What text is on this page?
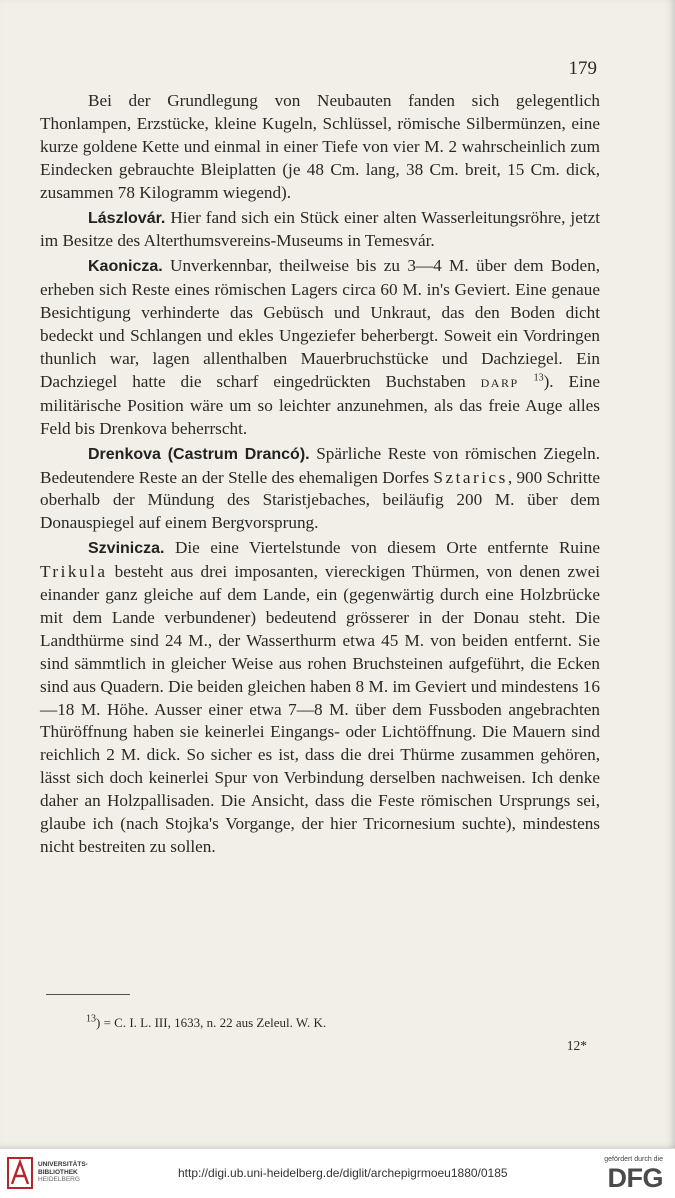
179

Bei der Grundlegung von Neubauten fanden sich gelegentlich Thonlampen, Erzstücke, kleine Kugeln, Schlüssel, römische Silbermünzen, eine kurze goldene Kette und einmal in einer Tiefe von vier M. 2 wahrscheinlich zum Eindecken gebrauchte Bleiplatten (je 48 Cm. lang, 38 Cm. breit, 15 Cm. dick, zusammen 78 Kilogramm wiegend).

Lászlovár. Hier fand sich ein Stück einer alten Wasserleitungsröhre, jetzt im Besitze des Alterthumsvereins-Museums in Temesvár.

Kaonicza. Unverkennbar, theilweise bis zu 3—4 M. über dem Boden, erheben sich Reste eines römischen Lagers circa 60 M. in's Geviert. Eine genaue Besichtigung verhinderte das Gebüsch und Unkraut, das den Boden dicht bedeckt und Schlangen und ekles Ungeziefer beherbergt. Soweit ein Vordringen thunlich war, lagen allenthalben Mauerbruchstücke und Dachziegel. Ein Dachziegel hatte die scharf eingedrückten Buchstaben DARP $^{13}$). Eine militärische Position wäre um so leichter anzunehmen, als das freie Auge alles Feld bis Drenkova beherrscht.

Drenkova (Castrum Drancó). Spärliche Reste von römischen Ziegeln. Bedeutendere Reste an der Stelle des ehemaligen Dorfes Sztarics, 900 Schritte oberhalb der Mündung des Staristjebaches, beiläufig 200 M. über dem Donauspiegel auf einem Bergvorsprung.

Szvinicza. Die eine Viertelstunde von diesem Orte entfernte Ruine Trikula besteht aus drei imposanten, viereckigen Thürmen, von denen zwei einander ganz gleiche auf dem Lande, ein (gegenwärtig durch eine Holzbrücke mit dem Lande verbundener) bedeutend grösserer in der Donau steht. Die Landthürme sind 24 M., der Wasserthurm etwa 45 M. von beiden entfernt. Sie sind sämmtlich in gleicher Weise aus rohen Bruchsteinen aufgeführt, die Ecken sind aus Quadern. Die beiden gleichen haben 8 M. im Geviert und mindestens 16—18 M. Höhe. Ausser einer etwa 7—8 M. über dem Fussboden angebrachten Thüröffnung haben sie keinerlei Eingangs- oder Lichtöffnung. Die Mauern sind reichlich 2 M. dick. So sicher es ist, dass die drei Thürme zusammen gehören, lässt sich doch keinerlei Spur von Verbindung derselben nachweisen. Ich denke daher an Holzpallisaden. Die Ansicht, dass die Feste römischen Ursprungs sei, glaube ich (nach Stojka's Vorgange, der hier Tricornesium suchte), mindestens nicht bestreiten zu sollen.

$^{13}$) = C. I. L. III, 1633, n. 22 aus Zeleul. W. K.
12*
UNIVERSITÄTS-
BIBLIOTHEK
HEIDELBERG	http://digi.ub.uni-heidelberg.de/diglit/archepigrmoeu1880/0185
gefördert durch die
DFG
